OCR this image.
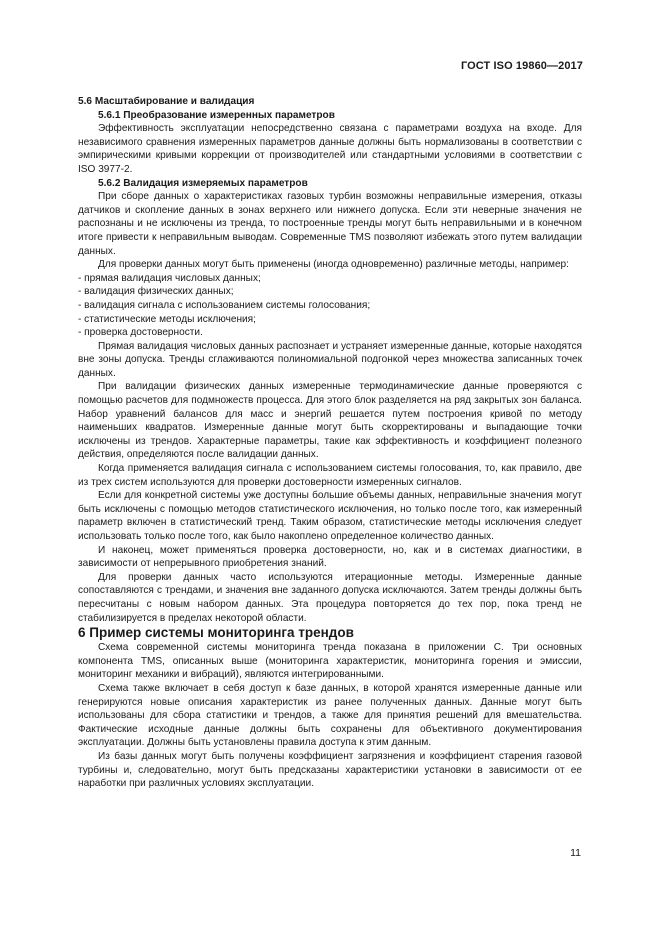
ГОСТ ISO 19860—2017

5.6 Масштабирование и валидация

5.6.1 Преобразование измеренных параметров

Эффективность эксплуатации непосредственно связана с параметрами воздуха на входе. Для независимого сравнения измеренных параметров данные должны быть нормализованы в соответствии с эмпирическими кривыми коррекции от производителей или стандартными условиями в соответствии с ISO 3977-2.

5.6.2 Валидация измеряемых параметров

При сборе данных о характеристиках газовых турбин возможны неправильные измерения, отказы датчиков и скопление данных в зонах верхнего или нижнего допуска. Если эти неверные значения не распознаны и не исключены из тренда, то построенные тренды могут быть неправильными и в конечном итоге привести к неправильным выводам. Современные TMS позволяют избежать этого путем валидации данных.

Для проверки данных могут быть применены (иногда одновременно) различные методы, например:

- прямая валидация числовых данных;

- валидация физических данных;

- валидация сигнала с использованием системы голосования;

- статистические методы исключения;

- проверка достоверности.

Прямая валидация числовых данных распознает и устраняет измеренные данные, которые находятся вне зоны допуска. Тренды сглаживаются полиномиальной подгонкой через множества записанных точек данных.

При валидации физических данных измеренные термодинамические данные проверяются с помощью расчетов для подмножеств процесса. Для этого блок разделяется на ряд закрытых зон баланса. Набор уравнений балансов для масс и энергий решается путем построения кривой по методу наименьших квадратов. Измеренные данные могут быть скорректированы и выпадающие точки исключены из трендов. Характерные параметры, такие как эффективность и коэффициент полезного действия, определяются после валидации данных.

Когда применяется валидация сигнала с использованием системы голосования, то, как правило, две из трех систем используются для проверки достоверности измеренных сигналов.

Если для конкретной системы уже доступны большие объемы данных, неправильные значения могут быть исключены с помощью методов статистического исключения, но только после того, как измеренный параметр включен в статистический тренд. Таким образом, статистические методы исключения следует использовать только после того, как было накоплено определенное количество данных.

И наконец, может применяться проверка достоверности, но, как и в системах диагностики, в зависимости от непрерывного приобретения знаний.

Для проверки данных часто используются итерационные методы. Измеренные данные сопоставляются с трендами, и значения вне заданного допуска исключаются. Затем тренды должны быть пересчитаны с новым набором данных. Эта процедура повторяется до тех пор, пока тренд не стабилизируется в пределах некоторой области.

6 Пример системы мониторинга трендов

Схема современной системы мониторинга тренда показана в приложении С. Три основных компонента TMS, описанных выше (мониторинга характеристик, мониторинга горения и эмиссии, мониторинг механики и вибраций), являются интегрированными.

Схема также включает в себя доступ к базе данных, в которой хранятся измеренные данные или генерируются новые описания характеристик из ранее полученных данных. Данные могут быть использованы для сбора статистики и трендов, а также для принятия решений для вмешательства. Фактические исходные данные должны быть сохранены для объективного документирования эксплуатации. Должны быть установлены правила доступа к этим данным.

Из базы данных могут быть получены коэффициент загрязнения и коэффициент старения газовой турбины и, следовательно, могут быть предсказаны характеристики установки в зависимости от ее наработки при различных условиях эксплуатации.

11
